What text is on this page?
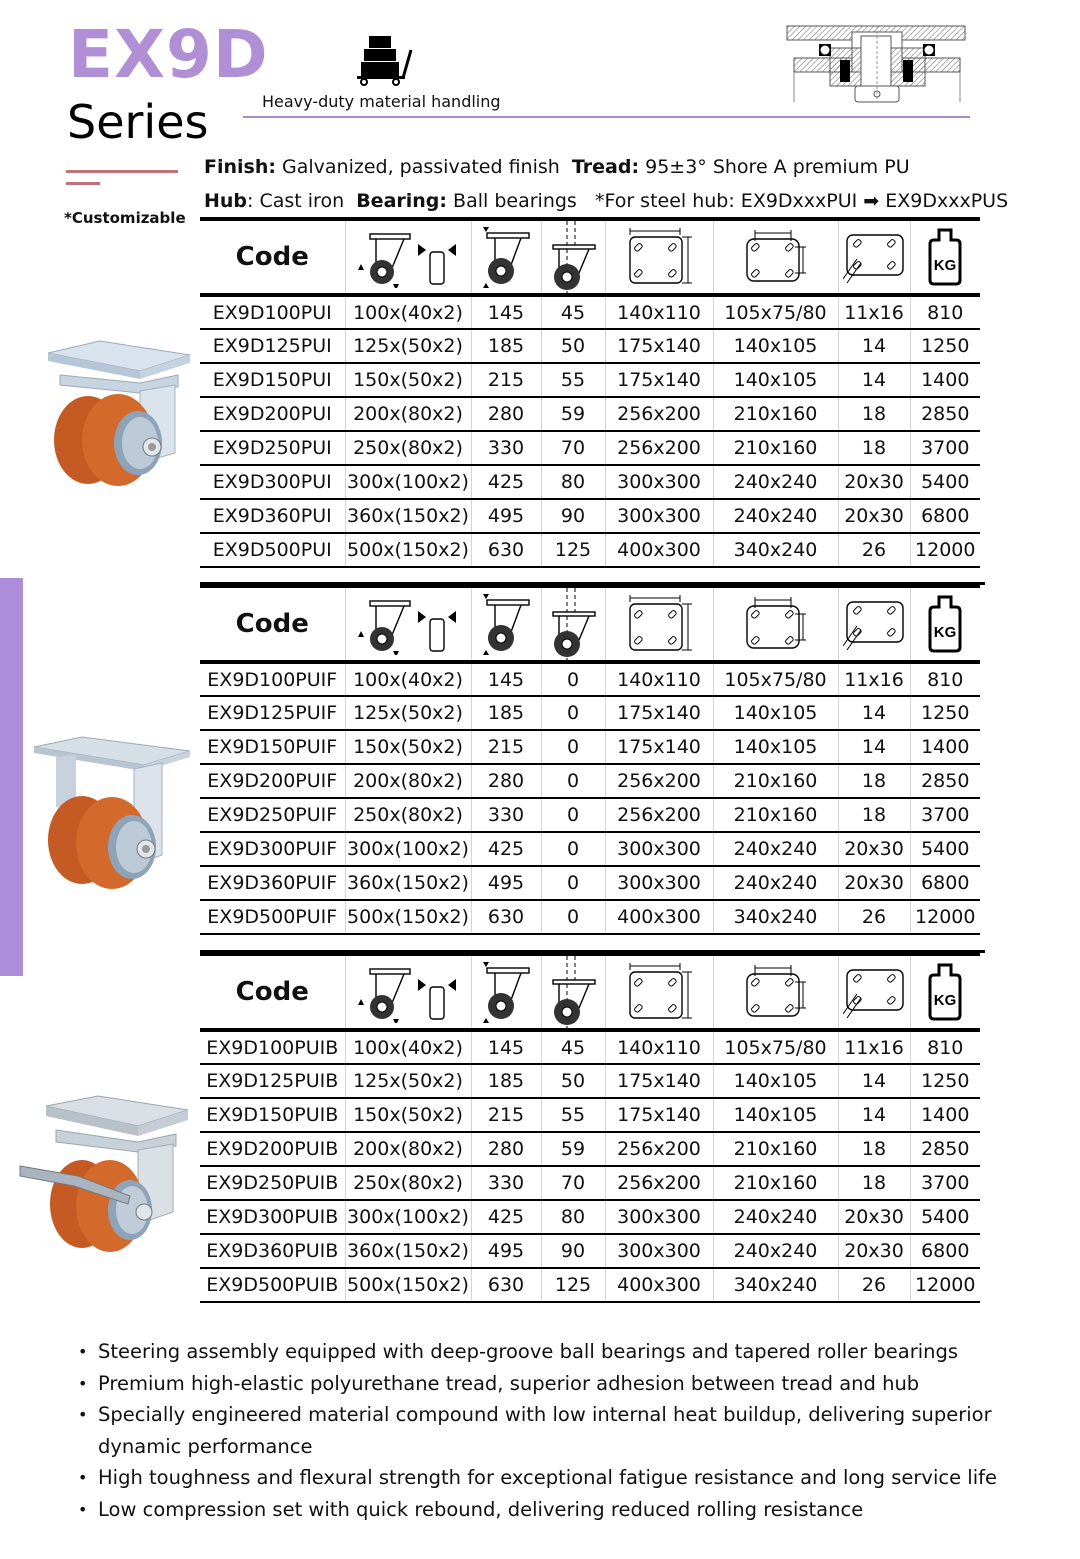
EX9D
Series	Heavy-duty material handling
*Customizable
Finish: Galvanized, passivated finish Tread: 95±3° Shore A premium PU
Hub: Cast iron Bearing: Ball bearings *For steel hub: EX9DxxxPUI ➡ EX9DxxxPUS
Code							KG

EX9D100PUI	100x(40x2)	145	45	140x110	105x75/80	11x16	810
EX9D125PUI	125x(50x2)	185	50	175x140	140x105	14	1250
EX9D150PUI	150x(50x2)	215	55	175x140	140x105	14	1400
EX9D200PUI	200x(80x2)	280	59	256x200	210x160	18	2850
EX9D250PUI	250x(80x2)	330	70	256x200	210x160	18	3700
EX9D300PUI	300x(100x2)	425	80	300x300	240x240	20x30	5400
EX9D360PUI	360x(150x2)	495	90	300x300	240x240	20x30	6800
EX9D500PUI	500x(150x2)	630	125	400x300	340x240	26	12000
Code							KG

EX9D100PUIF	100x(40x2)	145	0	140x110	105x75/80	11x16	810
EX9D125PUIF	125x(50x2)	185	0	175x140	140x105	14	1250
EX9D150PUIF	150x(50x2)	215	0	175x140	140x105	14	1400
EX9D200PUIF	200x(80x2)	280	0	256x200	210x160	18	2850
EX9D250PUIF	250x(80x2)	330	0	256x200	210x160	18	3700
EX9D300PUIF	300x(100x2)	425	0	300x300	240x240	20x30	5400
EX9D360PUIF	360x(150x2)	495	0	300x300	240x240	20x30	6800
EX9D500PUIF	500x(150x2)	630	0	400x300	340x240	26	12000
Code							KG

EX9D100PUIB	100x(40x2)	145	45	140x110	105x75/80	11x16	810
EX9D125PUIB	125x(50x2)	185	50	175x140	140x105	14	1250
EX9D150PUIB	150x(50x2)	215	55	175x140	140x105	14	1400
EX9D200PUIB	200x(80x2)	280	59	256x200	210x160	18	2850
EX9D250PUIB	250x(80x2)	330	70	256x200	210x160	18	3700
EX9D300PUIB	300x(100x2)	425	80	300x300	240x240	20x30	5400
EX9D360PUIB	360x(150x2)	495	90	300x300	240x240	20x30	6800
EX9D500PUIB	500x(150x2)	630	125	400x300	340x240	26	12000
• Steering assembly equipped with deep-groove ball bearings and tapered roller bearings
• Premium high-elastic polyurethane tread, superior adhesion between tread and hub
• Specially engineered material compound with low internal heat buildup, delivering superior dynamic performance
• High toughness and flexural strength for exceptional fatigue resistance and long service life
• Low compression set with quick rebound, delivering reduced rolling resistance
